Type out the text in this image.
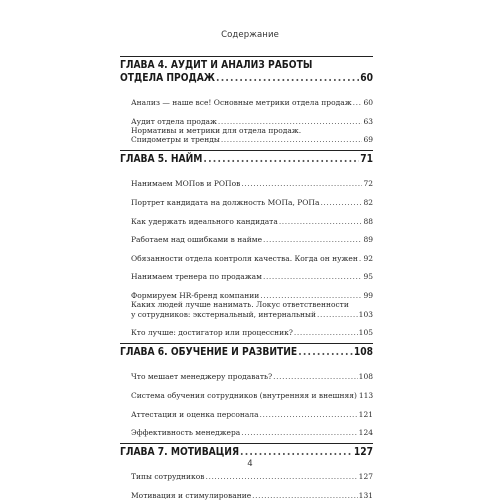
Содержание
ГЛАВА 4. АУДИТ И АНАЛИЗ РАБОТЫ
ОТДЕЛА ПРОДАЖ .....	60
Анализ — наше все! Основные метрики отдела продаж ..... 60
Аудит отдела продаж .....	63
Нормативы и метрики для отдела продаж.
Спидометры и тренды .....	69
ГЛАВА 5. НАЙМ .....	71
Нанимаем МОПов и РОПов .....	72
Портрет кандидата на должность МОПа, РОПа .....	82
Как удержать идеального кандидата .....	88
Работаем над ошибками в найме .....	89
Обязанности отдела контроля качества. Когда он нужен ..... 92
Нанимаем тренера по продажам .....	95
Формируем HR-бренд компании .....	99
Каких людей лучше нанимать. Локус ответственности
у сотрудников: экстернальный, интернальный .....	103
Кто лучше: достигатор или процессник? .....	105
ГЛАВА 6. ОБУЧЕНИЕ И РАЗВИТИЕ .....	108
Что мешает менеджеру продавать? .....	108
Система обучения сотрудников (внутренняя и внешняя) 113
Аттестация и оценка персонала .....	121
Эффективность менеджера .....	124
ГЛАВА 7. МОТИВАЦИЯ .....	127
Типы сотрудников .....	127
Мотивация и стимулирование .....	131
4
